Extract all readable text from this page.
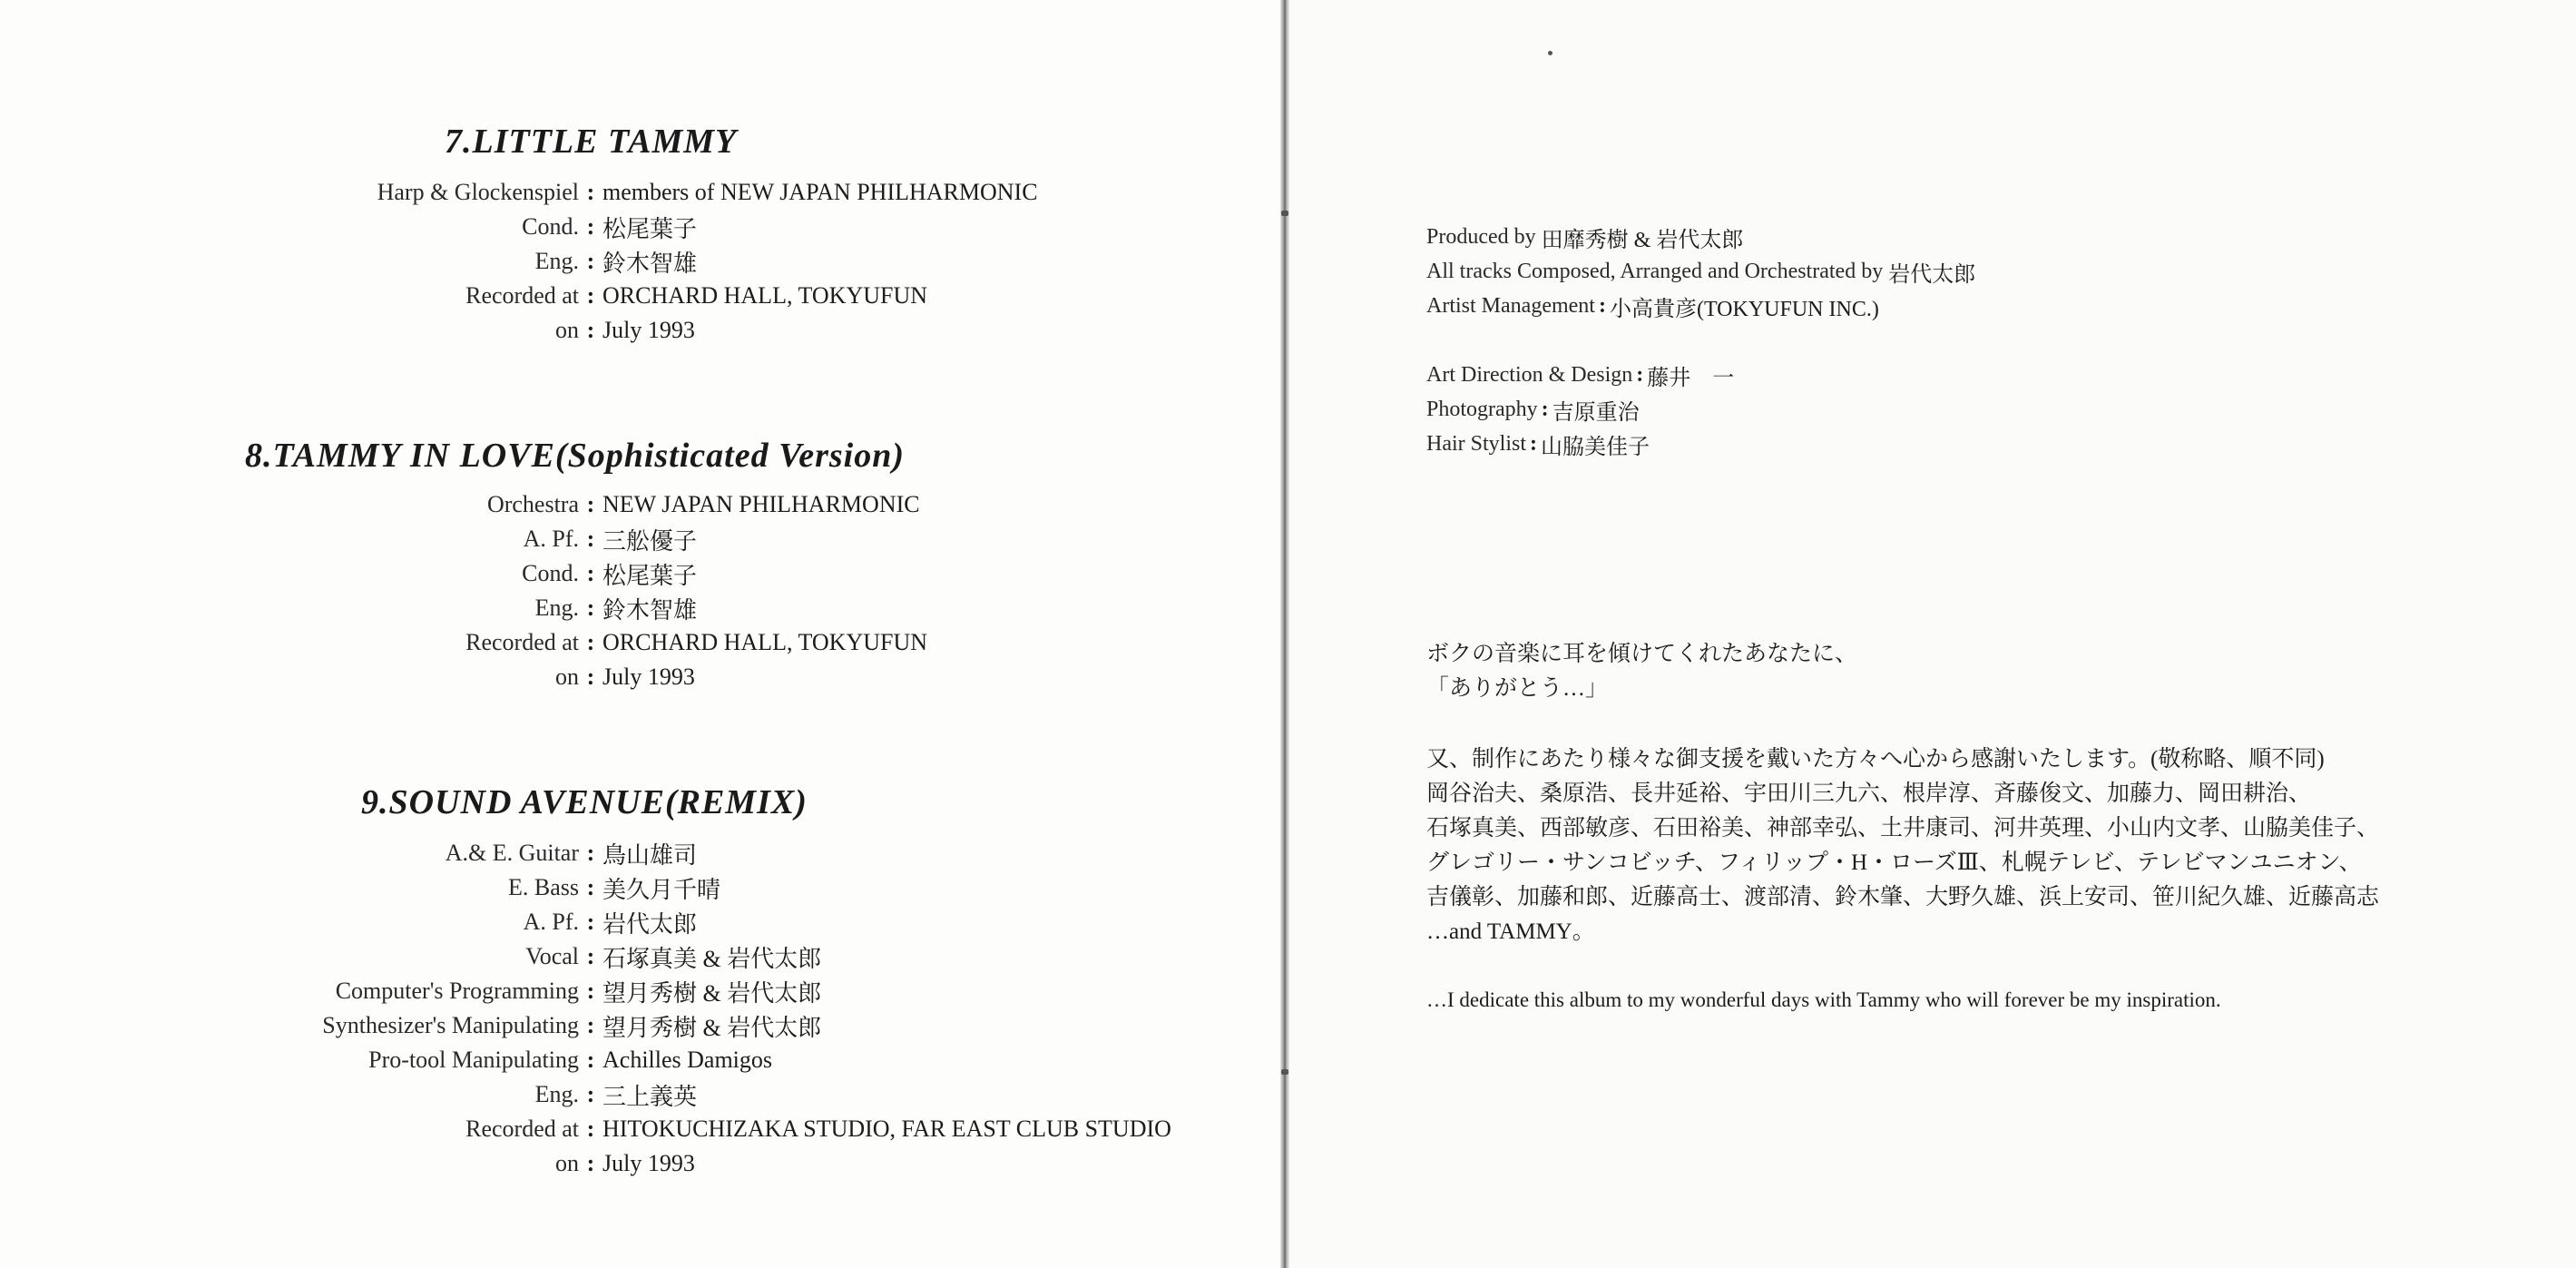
7.LITTLE TAMMY
Harp & Glockenspiel : members of NEW JAPAN PHILHARMONIC
Cond. : 松尾葉子
Eng. : 鈴木智雄
Recorded at : ORCHARD HALL, TOKYUFUN
on : July 1993
8.TAMMY IN LOVE(Sophisticated Version)
Orchestra : NEW JAPAN PHILHARMONIC
A. Pf. : 三舩優子
Cond. : 松尾葉子
Eng. : 鈴木智雄
Recorded at : ORCHARD HALL, TOKYUFUN
on : July 1993
9.SOUND AVENUE(REMIX)
A.& E. Guitar : 鳥山雄司
E. Bass : 美久月千晴
A. Pf. : 岩代太郎
Vocal : 石塚真美 & 岩代太郎
Computer's Programming : 望月秀樹 & 岩代太郎
Synthesizer's Manipulating : 望月秀樹 & 岩代太郎
Pro-tool Manipulating : Achilles Damigos
Eng. : 三上義英
Recorded at : HITOKUCHIZAKA STUDIO, FAR EAST CLUB STUDIO
on : July 1993
Produced by
田靡秀樹 & 岩代太郎
All tracks Composed, Arranged and Orchestrated by
岩代太郎
Artist Management : 小高貴彦(TOKYUFUN INC.)
Art Direction & Design : 藤井　一
Photography : 吉原重治
Hair Stylist : 山脇美佳子

ボクの音楽に耳を傾けてくれたあなたに、
「ありがとう…」

又、制作にあたり様々な御支援を戴いた方々へ心から感謝いたします。(敬称略、順不同)
岡谷治夫、桑原浩、長井延裕、宇田川三九六、根岸淳、斉藤俊文、加藤力、岡田耕治、
石塚真美、西部敏彦、石田裕美、神部幸弘、土井康司、河井英理、小山内文孝、山脇美佳子、
グレゴリー・サンコビッチ、フィリップ・H・ローズⅢ、札幌テレビ、テレビマンユニオン、
吉儀彰、加藤和郎、近藤高士、渡部清、鈴木肇、大野久雄、浜上安司、笹川紀久雄、近藤高志
…and TAMMY。

…I dedicate this album to my wonderful days with Tammy who will forever be my inspiration.
